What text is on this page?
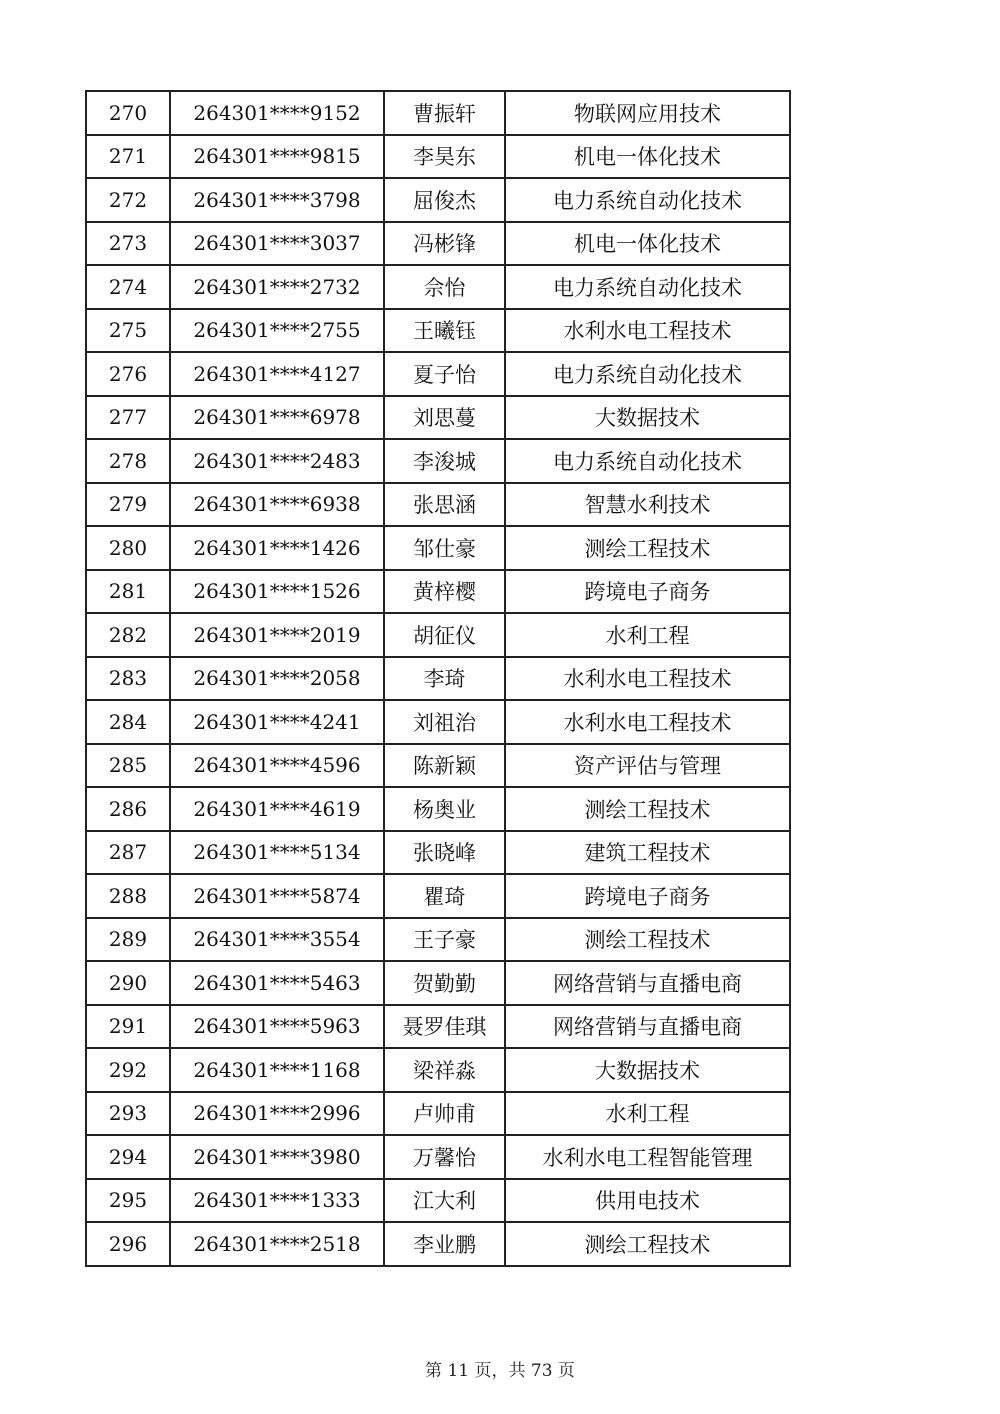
270	264301****9152	曹振轩	物联网应用技术
271	264301****9815	李昊东	机电一体化技术
272	264301****3798	屈俊杰	电力系统自动化技术
273	264301****3037	冯彬锋	机电一体化技术
274	264301****2732	佘怡	电力系统自动化技术
275	264301****2755	王曦钰	水利水电工程技术
276	264301****4127	夏子怡	电力系统自动化技术
277	264301****6978	刘思蔓	大数据技术
278	264301****2483	李浚城	电力系统自动化技术
279	264301****6938	张思涵	智慧水利技术
280	264301****1426	邹仕豪	测绘工程技术
281	264301****1526	黄梓樱	跨境电子商务
282	264301****2019	胡征仪	水利工程
283	264301****2058	李琦	水利水电工程技术
284	264301****4241	刘祖治	水利水电工程技术
285	264301****4596	陈新颖	资产评估与管理
286	264301****4619	杨奥业	测绘工程技术
287	264301****5134	张晓峰	建筑工程技术
288	264301****5874	瞿琦	跨境电子商务
289	264301****3554	王子豪	测绘工程技术
290	264301****5463	贺勤勤	网络营销与直播电商
291	264301****5963	聂罗佳琪	网络营销与直播电商
292	264301****1168	梁祥淼	大数据技术
293	264301****2996	卢帅甫	水利工程
294	264301****3980	万馨怡	水利水电工程智能管理
295	264301****1333	江大利	供用电技术
296	264301****2518	李业鹏	测绘工程技术
第 11 页，共 73 页
